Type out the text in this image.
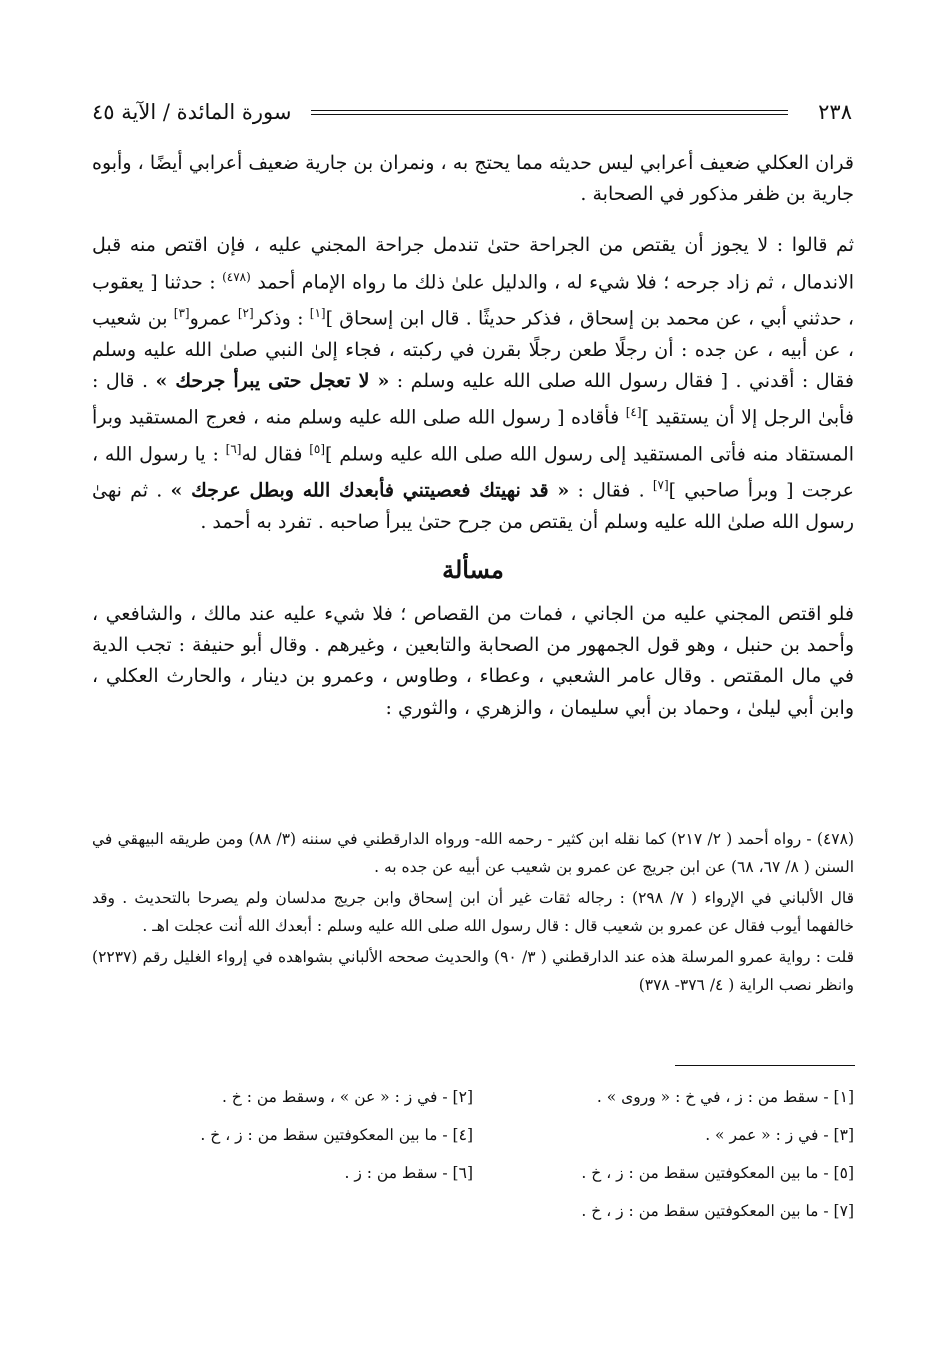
٢٣٨
سورة المائدة / الآية ٤٥

قران العكلي ضعيف أعرابي ليس حديثه مما يحتج به ، ونمران بن جارية ضعيف أعرابي أيضًا ، وأبوه جارية بن ظفر مذكور في الصحابة .

ثم قالوا : لا يجوز أن يقتص من الجراحة حتىٰ تندمل جراحة المجني عليه ، فإن اقتص منه قبل الاندمال ، ثم زاد جرحه ؛ فلا شيء له ، والدليل علىٰ ذلك ما رواه الإمام أحمد $^{(٤٧٨)}$ : حدثنا [ يعقوب ، حدثني أبي ، عن محمد بن إسحاق ، فذكر حديثًا . قال ابن إسحاق ][١] : وذكر[٢] عمرو[٣] بن شعيب ، عن أبيه ، عن جده : أن رجلًا طعن رجلًا بقرن في ركبته ، فجاء إلىٰ النبي صلىٰ الله عليه وسلم فقال : أقدني . [ فقال رسول الله صلى الله عليه وسلم : « لا تعجل حتى يبرأ جرحك » . قال : فأبىٰ الرجل إلا أن يستقيد ][٤] فأقاده [ رسول الله صلى الله عليه وسلم منه ، فعرج المستقيد وبرأ المستقاد منه فأتى المستقيد إلى رسول الله صلى الله عليه وسلم ][٥] فقال له[٦] : يا رسول الله ، عرجت [ وبرأ صاحبي ][٧] . فقال : « قد نهيتك فعصيتني فأبعدك الله وبطل عرجك » . ثم نهىٰ رسول الله صلىٰ الله عليه وسلم أن يقتص من جرح حتىٰ يبرأ صاحبه . تفرد به أحمد .

مسألة

فلو اقتص المجني عليه من الجاني ، فمات من القصاص ؛ فلا شيء عليه عند مالك ، والشافعي ، وأحمد بن حنبل ، وهو قول الجمهور من الصحابة والتابعين ، وغيرهم . وقال أبو حنيفة : تجب الدية في مال المقتص . وقال عامر الشعبي ، وعطاء ، وطاوس ، وعمرو بن دينار ، والحارث العكلي ، وابن أبي ليلىٰ ، وحماد بن أبي سليمان ، والزهري ، والثوري :

(٤٧٨) - رواه أحمد ( ٢/ ٢١٧) كما نقله ابن كثير - رحمه الله- ورواه الدارقطني في سننه (٣/ ٨٨) ومن طريقه البيهقي في السنن ( ٨/ ٦٧، ٦٨) عن ابن جريج عن عمرو بن شعيب عن أبيه عن جده به .

قال الألباني في الإرواء ( ٧/ ٢٩٨) : رجاله ثقات غير أن ابن إسحاق وابن جريج مدلسان ولم يصرحا بالتحديث . وقد خالفهما أيوب فقال عن عمرو بن شعيب قال : قال رسول الله صلى الله عليه وسلم : أبعدك الله أنت عجلت اهـ .

قلت : رواية عمرو المرسلة هذه عند الدارقطني ( ٣/ ٩٠) والحديث صححه الألباني بشواهده في إرواء الغليل رقم (٢٢٣٧) وانظر نصب الراية ( ٤/ ٣٧٦- ٣٧٨)

[١] - سقط من : ز ، في خ : « وروى » .
[٢] - في ز : « عن » ، وسقط من : خ .
[٣] - في ز : « عمر » .
[٤] - ما بين المعكوفتين سقط من : ز ، خ .
[٥] - ما بين المعكوفتين سقط من : ز ، خ .
[٦] - سقط من : ز .
[٧] - ما بين المعكوفتين سقط من : ز ، خ .
